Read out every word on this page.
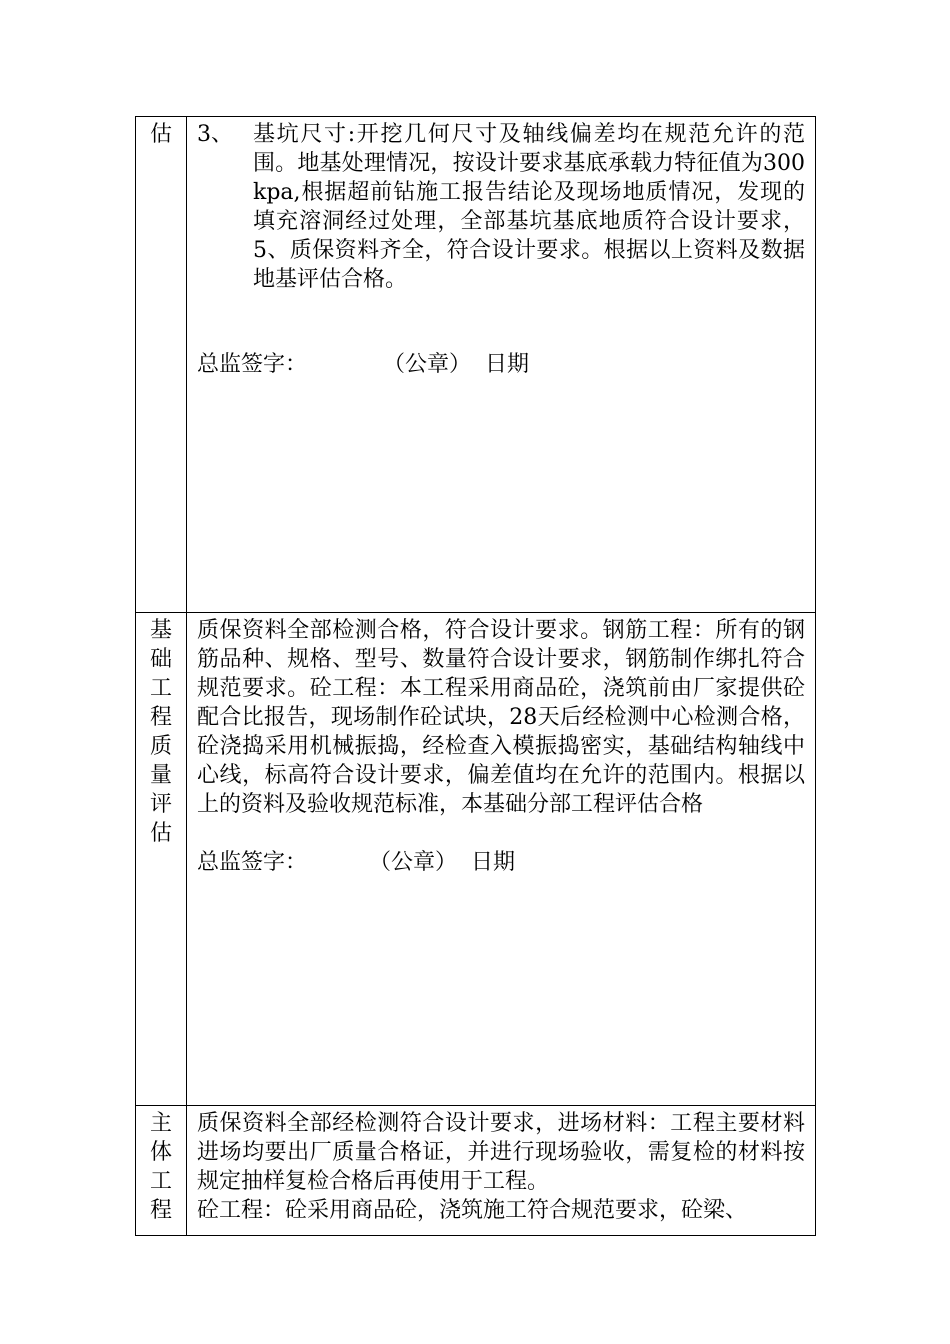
估	3、 基坑尺寸:开挖几何尺寸及轴线偏差均在规范允许的范围。地基处理情况，按设计要求基底承载力特征值为300kpa,根据超前钻施工报告结论及现场地质情况，发现的填充溶洞经过处理，全部基坑基底地质符合设计要求，5、质保资料齐全，符合设计要求。根据以上资料及数据地基评估合格。

总监签字： （公章） 日期

基础工程质量评估	质保资料全部检测合格，符合设计要求。钢筋工程：所有的钢筋品种、规格、型号、数量符合设计要求，钢筋制作绑扎符合规范要求。砼工程：本工程采用商品砼，浇筑前由厂家提供砼配合比报告，现场制作砼试块，28天后经检测中心检测合格，砼浇捣采用机械振捣，经检查入模振捣密实，基础结构轴线中心线，标高符合设计要求，偏差值均在允许的范围内。根据以上的资料及验收规范标准，本基础分部工程评估合格

总监签字： （公章） 日期

主体工程	质保资料全部经检测符合设计要求，进场材料：工程主要材料进场均要出厂质量合格证，并进行现场验收，需复检的材料按规定抽样复检合格后再使用于工程。

砼工程：砼采用商品砼，浇筑施工符合规范要求，砼梁、
